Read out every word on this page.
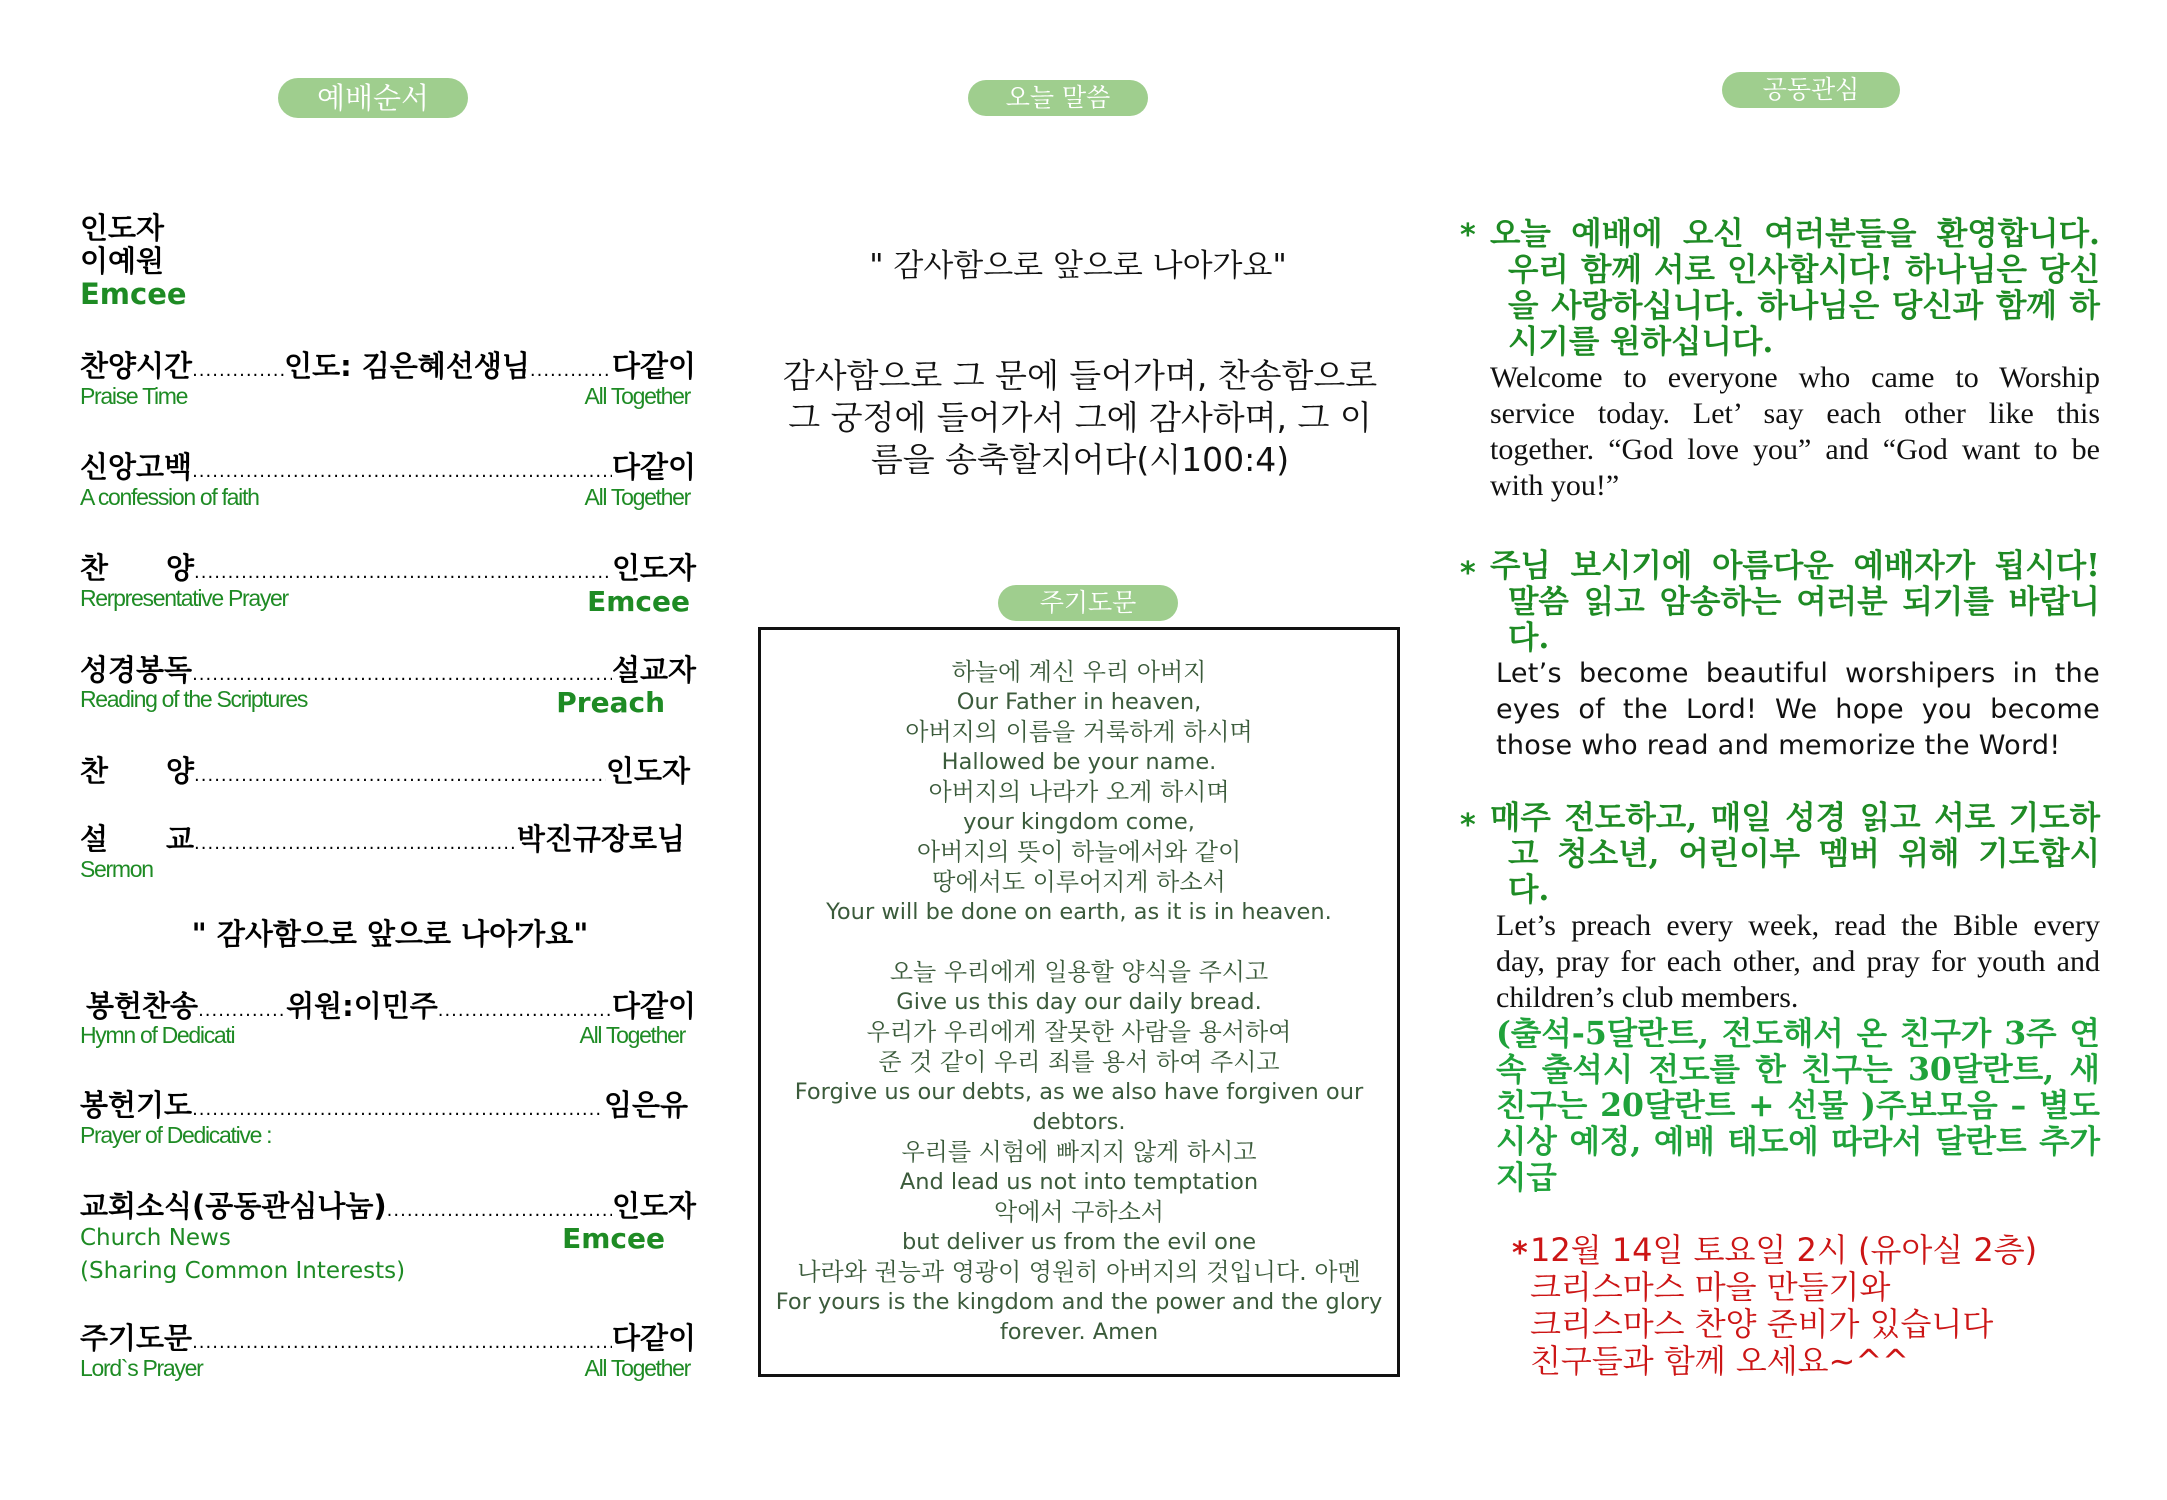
예배순서	오늘 말씀	공동관심
인도자
이예원
Emcee
찬양시간 .....	인도: 김은혜선생님 .....	다같이
Praise Time	All Together
신앙고백 .....	다같이
A confession of faith	All Together
찬　　양 .....	인도자
Rerpresentative Prayer	Emcee
성경봉독 .....	설교자
Reading of the Scriptures	Preach
찬　　양 .....	인도자
설　　교 .....	박진규장로님
Sermon
" 감사함으로 앞으로 나아가요"
봉헌찬송 .....	위원:이민주 .....	다같이
Hymn of Dedicati	All Together
봉헌기도 .....	임은유
Prayer of Dedicative :
교회소식(공동관심나눔) .....	인도자
Church News	Emcee
(Sharing Common Interests)
주기도문 .....	다같이
Lord`s Prayer	All Together
" 감사함으로 앞으로 나아가요"
감사함으로 그 문에 들어가며, 찬송함으로
그 궁정에 들어가서 그에 감사하며, 그 이
름을 송축할지어다(시100:4)
주기도문
하늘에 계신 우리 아버지
Our Father in heaven,
아버지의 이름을 거룩하게 하시며
Hallowed be your name.
아버지의 나라가 오게 하시며
your kingdom come,
아버지의 뜻이 하늘에서와 같이
땅에서도 이루어지게 하소서
Your will be done on earth, as it is in heaven.
오늘 우리에게 일용할 양식을 주시고
Give us this day our daily bread.
우리가 우리에게 잘못한 사람을 용서하여
준 것 같이 우리 죄를 용서 하여 주시고
Forgive us our debts, as we also have forgiven our
debtors.
우리를 시험에 빠지지 않게 하시고
And lead us not into temptation
악에서 구하소서
but deliver us from the evil one
나라와 권능과 영광이 영원히 아버지의 것입니다. 아멘
For yours is the kingdom and the power and the glory
forever. Amen
* 오늘 예배에 오신 여러분들을 환영합니다. 우리 함께 서로 인사합시다! 하나님은 당신을 사랑하십니다. 하나님은 당신과 함께 하시기를 원하십니다.
Welcome to everyone who came to Worship service today. Let’ say each other like this together. “God love you” and “God want to be with you!”
* 주님 보시기에 아름다운 예배자가 됩시다! 말씀 읽고 암송하는 여러분 되기를 바랍니다.
Let’s become beautiful worshipers in the eyes of the Lord! We hope you become those who read and memorize the Word!
* 매주 전도하고, 매일 성경 읽고 서로 기도하고 청소년, 어린이부 멤버 위해 기도합시다.
Let’s preach every week, read the Bible every day, pray for each other, and pray for youth and children’s club members.
(출석-5달란트, 전도해서 온 친구가 3주 연속 출석시 전도를 한 친구는 30달란트, 새 친구는 20달란트 + 선물 )주보모음 – 별도 시상 예정, 예배 태도에 따라서 달란트 추가 지급
* 12월 14일 토요일 2시 (유아실 2층)
크리스마스 마을 만들기와
크리스마스 찬양 준비가 있습니다
친구들과 함께 오세요~^^
